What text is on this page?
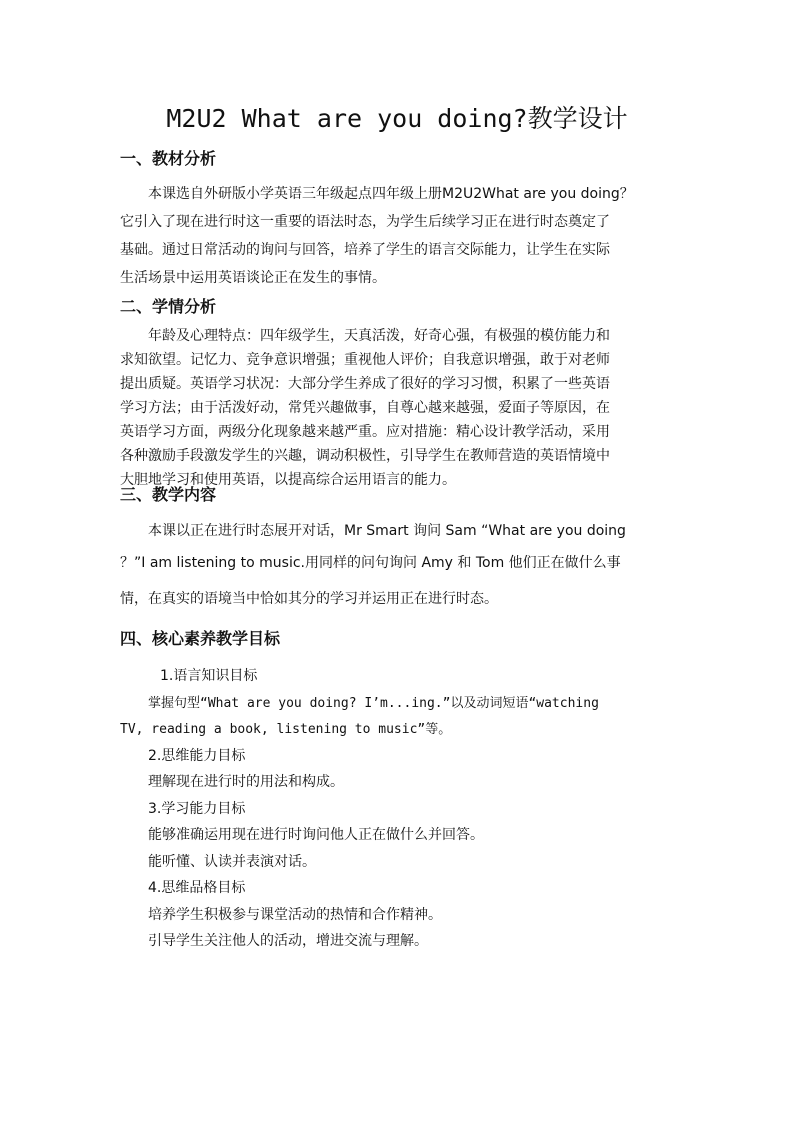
M2U2 What are you doing?教学设计
一、教材分析
本课选自外研版小学英语三年级起点四年级上册M2U2What are you doing？
它引入了现在进行时这一重要的语法时态，为学生后续学习正在进行时态奠定了
基础。通过日常活动的询问与回答，培养了学生的语言交际能力，让学生在实际
生活场景中运用英语谈论正在发生的事情。
二、学情分析
年龄及心理特点：四年级学生，天真活泼，好奇心强，有极强的模仿能力和
求知欲望。记忆力、竞争意识增强；重视他人评价；自我意识增强，敢于对老师
提出质疑。英语学习状况：大部分学生养成了很好的学习习惯，积累了一些英语
学习方法；由于活泼好动，常凭兴趣做事，自尊心越来越强，爱面子等原因，在
英语学习方面，两级分化现象越来越严重。应对措施：精心设计教学活动，采用
各种激励手段激发学生的兴趣，调动积极性，引导学生在教师营造的英语情境中
大胆地学习和使用英语，以提高综合运用语言的能力。
三、教学内容
本课以正在进行时态展开对话，Mr Smart 询问 Sam “What are you doing
？”I am listening to music.用同样的问句询问 Amy 和 Tom 他们正在做什么事
情，在真实的语境当中恰如其分的学习并运用正在进行时态。
四、核心素养教学目标
1.语言知识目标
掌握句型“What are you doing? I’m...ing.”以及动词短语“watching
TV, reading a book, listening to music”等。
2.思维能力目标
理解现在进行时的用法和构成。
3.学习能力目标
能够准确运用现在进行时询问他人正在做什么并回答。
能听懂、认读并表演对话。
4.思维品格目标
培养学生积极参与课堂活动的热情和合作精神。
引导学生关注他人的活动，增进交流与理解。
